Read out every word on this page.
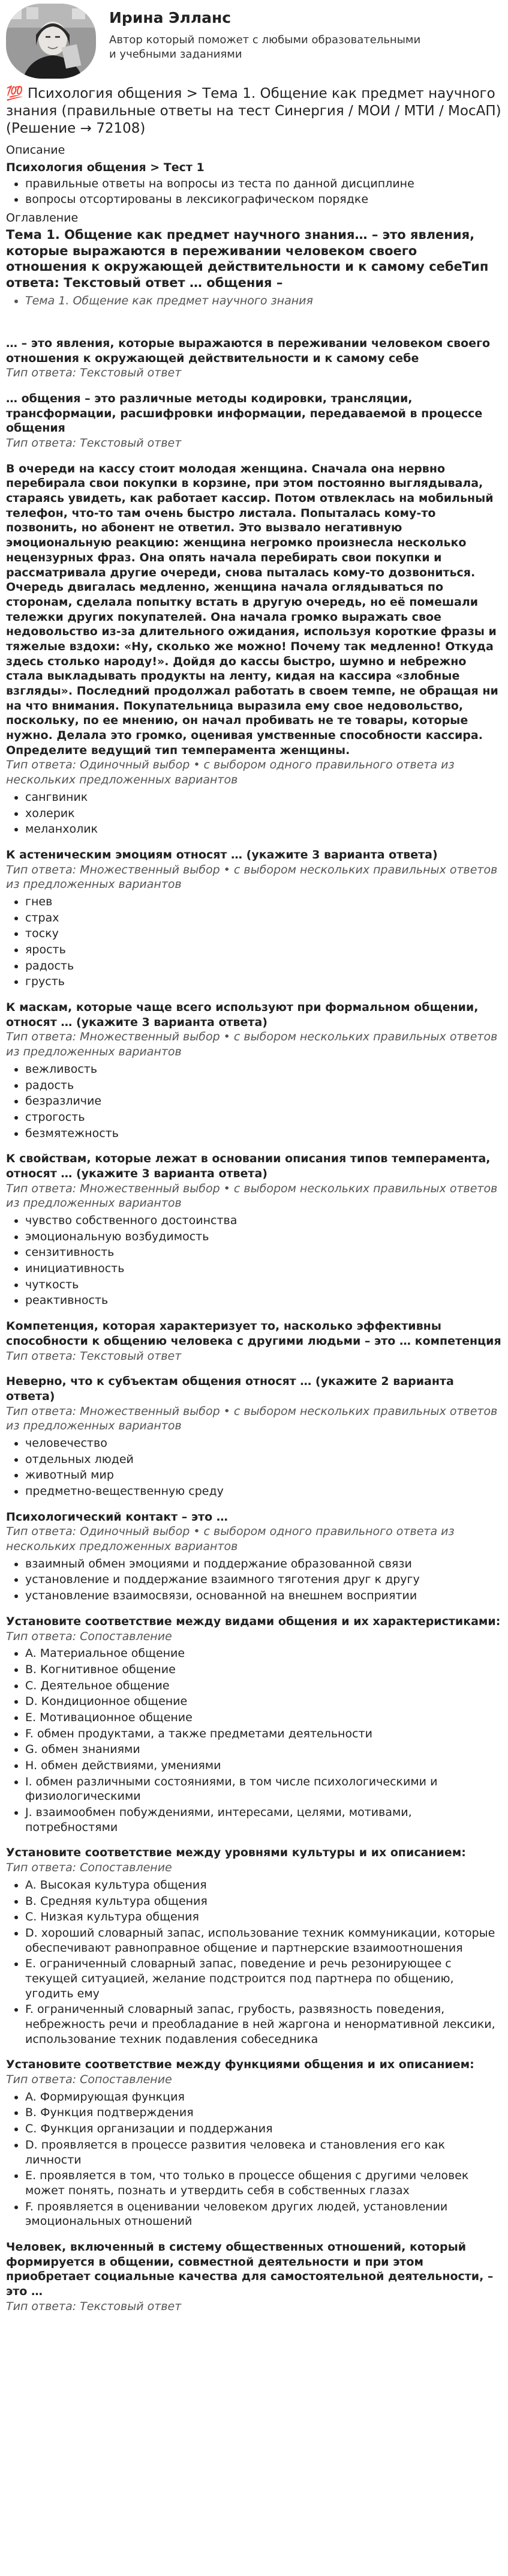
Ирина Элланс
Автор который поможет с любыми образовательными и учебными заданиями
💯 Психология общения > Тема 1. Общение как предмет научного знания (правильные ответы на тест Синергия / МОИ / МТИ / МосАП) (Решение → 72108)
Описание
Психология общения > Тест 1
• правильные ответы на вопросы из теста по данной дисциплине
• вопросы отсортированы в лексикографическом порядке
Оглавление
Тема 1. Общение как предмет научного знания… – это явления, которые выражаются в переживании человеком своего отношения к окружающей действительности и к самому себеТип ответа: Текстовый ответ … общения –
• Тема 1. Общение как предмет научного знания
… – это явления, которые выражаются в переживании человеком своего отношения к окружающей действительности и к самому себе
Тип ответа: Текстовый ответ
… общения – это различные методы кодировки, трансляции, трансформации, расшифровки информации, передаваемой в процессе общения
Тип ответа: Текстовый ответ
В очереди на кассу стоит молодая женщина. Сначала она нервно перебирала свои покупки в корзине, при этом постоянно выглядывала, стараясь увидеть, как работает кассир. Потом отвлеклась на мобильный телефон, что-то там очень быстро листала. Попыталась кому-то позвонить, но абонент не ответил. Это вызвало негативную эмоциональную реакцию: женщина негромко произнесла несколько нецензурных фраз. Она опять начала перебирать свои покупки и рассматривала другие очереди, снова пыталась кому-то дозвониться. Очередь двигалась медленно, женщина начала оглядываться по сторонам, сделала попытку встать в другую очередь, но её помешали тележки других покупателей. Она начала громко выражать свое недовольство из-за длительного ожидания, используя короткие фразы и тяжелые вздохи: «Ну, сколько же можно! Почему так медленно! Откуда здесь столько народу!». Дойдя до кассы быстро, шумно и небрежно стала выкладывать продукты на ленту, кидая на кассира «злобные взгляды». Последний продолжал работать в своем темпе, не обращая ни на что внимания. Покупательница выразила ему свое недовольство, поскольку, по ее мнению, он начал пробивать не те товары, которые нужно. Делала это громко, оценивая умственные способности кассира. Определите ведущий тип темперамента женщины.
Тип ответа: Одиночный выбор • с выбором одного правильного ответа из нескольких предложенных вариантов
• сангвиник
• холерик
• меланхолик
К астеническим эмоциям относят … (укажите 3 варианта ответа)
Тип ответа: Множественный выбор • с выбором нескольких правильных ответов из предложенных вариантов
• гнев
• страх
• тоску
• ярость
• радость
• грусть
К маскам, которые чаще всего используют при формальном общении, относят … (укажите 3 варианта ответа)
Тип ответа: Множественный выбор • с выбором нескольких правильных ответов из предложенных вариантов
• вежливость
• радость
• безразличие
• строгость
• безмятежность
К свойствам, которые лежат в основании описания типов темперамента, относят … (укажите 3 варианта ответа)
Тип ответа: Множественный выбор • с выбором нескольких правильных ответов из предложенных вариантов
• чувство собственного достоинства
• эмоциональную возбудимость
• сензитивность
• инициативность
• чуткость
• реактивность
Компетенция, которая характеризует то, насколько эффективны способности к общению человека с другими людьми – это … компетенция
Тип ответа: Текстовый ответ
Неверно, что к субъектам общения относят … (укажите 2 варианта ответа)
Тип ответа: Множественный выбор • с выбором нескольких правильных ответов из предложенных вариантов
• человечество
• отдельных людей
• животный мир
• предметно-вещественную среду
Психологический контакт – это …
Тип ответа: Одиночный выбор • с выбором одного правильного ответа из нескольких предложенных вариантов
• взаимный обмен эмоциями и поддержание образованной связи
• установление и поддержание взаимного тяготения друг к другу
• установление взаимосвязи, основанной на внешнем восприятии
Установите соответствие между видами общения и их характеристиками:
Тип ответа: Сопоставление
• A. Материальное общение
• B. Когнитивное общение
• C. Деятельное общение
• D. Кондиционное общение
• E. Мотивационное общение
• F. обмен продуктами, а также предметами деятельности
• G. обмен знаниями
• H. обмен действиями, умениями
• I. обмен различными состояниями, в том числе психологическими и физиологическими
• J. взаимообмен побуждениями, интересами, целями, мотивами, потребностями
Установите соответствие между уровнями культуры и их описанием:
Тип ответа: Сопоставление
• A. Высокая культура общения
• B. Средняя культура общения
• C. Низкая культура общения
• D. хороший словарный запас, использование техник коммуникации, которые обеспечивают равноправное общение и партнерские взаимоотношения
• E. ограниченный словарный запас, поведение и речь резонирующее с текущей ситуацией, желание подстроится под партнера по общению, угодить ему
• F. ограниченный словарный запас, грубость, развязность поведения, небрежность речи и преобладание в ней жаргона и ненормативной лексики, использование техник подавления собеседника
Установите соответствие между функциями общения и их описанием:
Тип ответа: Сопоставление
• A. Формирующая функция
• B. Функция подтверждения
• C. Функция организации и поддержания
• D. проявляется в процессе развития человека и становления его как личности
• E. проявляется в том, что только в процессе общения с другими человек может понять, познать и утвердить себя в собственных глазах
• F. проявляется в оценивании человеком других людей, установлении эмоциональных отношений
Человек, включенный в систему общественных отношений, который формируется в общении, совместной деятельности и при этом приобретает социальные качества для самостоятельной деятельности, – это …
Тип ответа: Текстовый ответ
